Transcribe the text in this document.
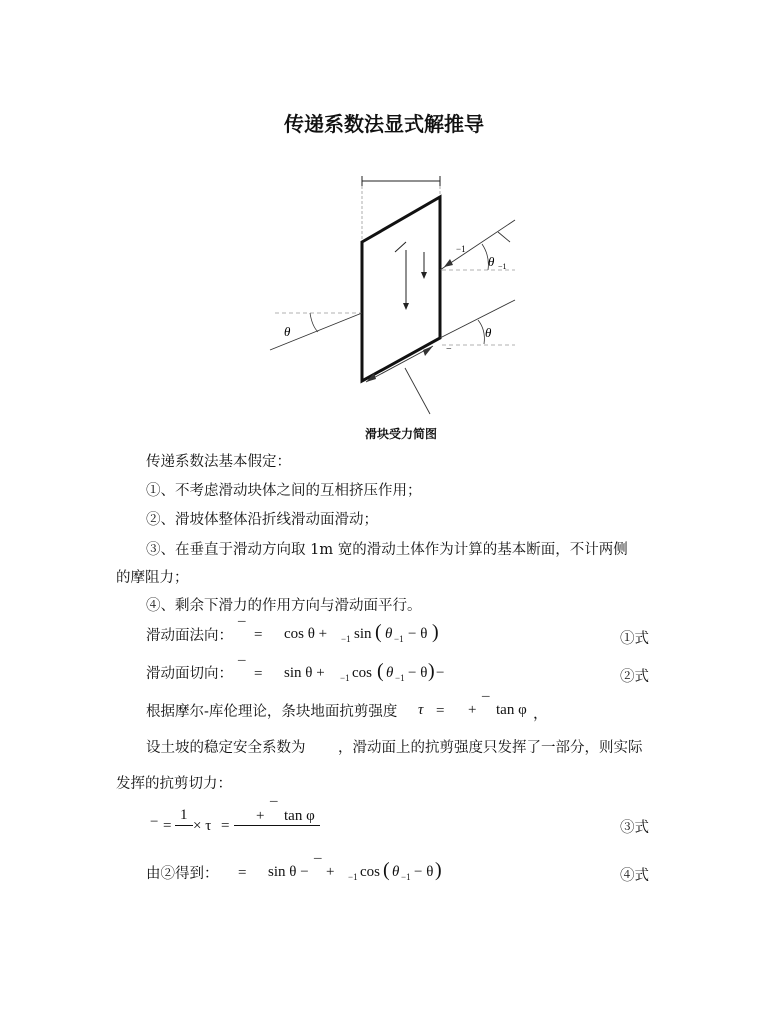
传递系数法显式解推导
−1
θ −1
θ
−
θ
滑块受力简图
传递系数法基本假定：
①、不考虑滑动块体之间的互相挤压作用；
②、滑坡体整体沿折线滑动面滑动；
③、在垂直于滑动方向取 1m 宽的滑动土体作为计算的基本断面，不计两侧
的摩阻力；
④、剩余下滑力的作用方向与滑动面平行。
滑动面法向： ¯ = cos θ + −1 sin ( θ −1 − θ )	①式
滑动面切向： ¯ = sin θ + −1 cos ( θ −1 − θ ) −	②式
根据摩尔-库伦理论，条块地面抗剪强度 τ = + ¯ tan φ ，
设土坡的稳定安全系数为 ，滑动面上的抗剪强度只发挥了一部分，则实际
发挥的抗剪切力：
− =
1
× τ =
+ ¯ tan φ
③式
由②得到： = sin θ − ¯ + −1 cos ( θ −1 − θ )	④式
